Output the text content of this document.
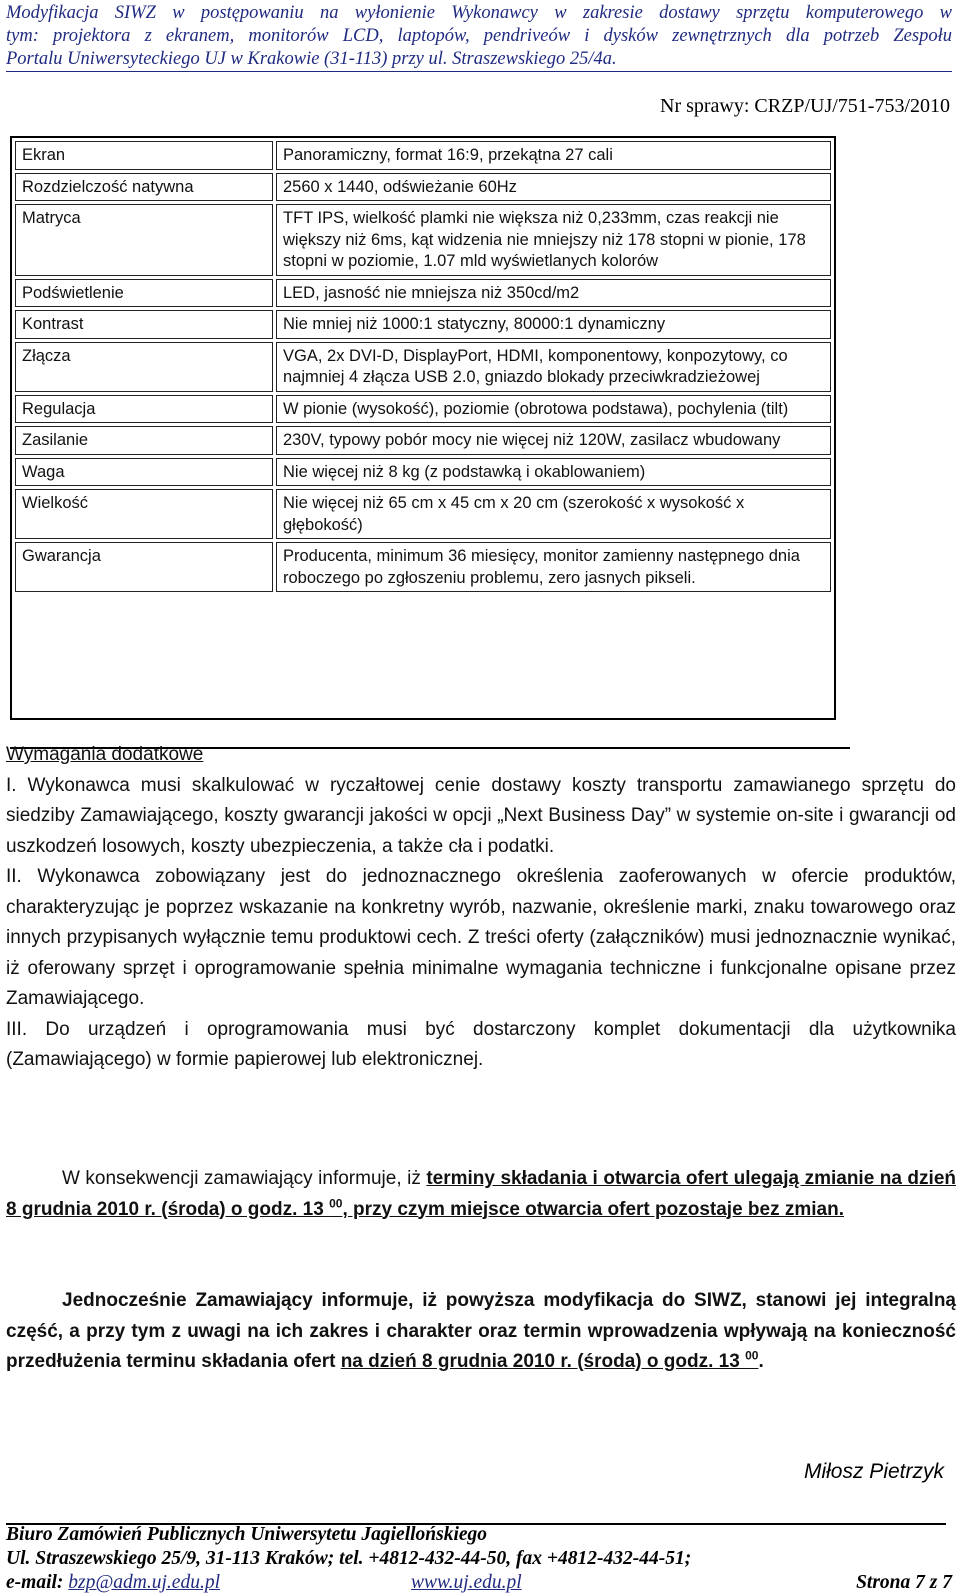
Modyfikacja SIWZ w postępowaniu na wyłonienie Wykonawcy w zakresie dostawy sprzętu komputerowego w
tym: projektora z ekranem, monitorów LCD, laptopów, pendriveów i dysków zewnętrznych dla potrzeb Zespołu
Portalu Uniwersyteckiego UJ w Krakowie (31-113) przy ul. Straszewskiego 25/4a.
Nr sprawy: CRZP/UJ/751-753/2010
Ekran	Panoramiczny, format 16:9, przekątna 27 cali
Rozdzielczość natywna	2560 x 1440, odświeżanie 60Hz
Matryca	TFT IPS, wielkość plamki nie większa niż 0,233mm, czas reakcji nie większy niż 6ms, kąt widzenia nie mniejszy niż 178 stopni w pionie, 178 stopni w poziomie, 1.07 mld wyświetlanych kolorów
Podświetlenie	LED, jasność nie mniejsza niż 350cd/m2
Kontrast	Nie mniej niż 1000:1 statyczny, 80000:1 dynamiczny
Złącza	VGA, 2x DVI-D, DisplayPort, HDMI, komponentowy, konpozytowy, co najmniej 4 złącza USB 2.0, gniazdo blokady przeciwkradzieżowej
Regulacja	W pionie (wysokość), poziomie (obrotowa podstawa), pochylenia (tilt)
Zasilanie	230V, typowy pobór mocy nie więcej niż 120W, zasilacz wbudowany
Waga	Nie więcej niż 8 kg (z podstawką i okablowaniem)
Wielkość	Nie więcej niż 65 cm x 45 cm x 20 cm (szerokość x wysokość x głębokość)
Gwarancja	Producenta, minimum 36 miesięcy, monitor zamienny następnego dnia roboczego po zgłoszeniu problemu, zero jasnych pikseli.
Wymagania dodatkowe
I. Wykonawca musi skalkulować w ryczałtowej cenie dostawy koszty transportu zamawianego sprzętu do siedziby Zamawiającego, koszty gwarancji jakości w opcji „Next Business Day” w systemie on-site i gwarancji od uszkodzeń losowych, koszty ubezpieczenia, a także cła i podatki.
II. Wykonawca zobowiązany jest do jednoznacznego określenia zaoferowanych w ofercie produktów, charakteryzując je poprzez wskazanie na konkretny wyrób, nazwanie, określenie marki, znaku towarowego oraz innych przypisanych wyłącznie temu produktowi cech. Z treści oferty (załączników) musi jednoznacznie wynikać, iż oferowany sprzęt i oprogramowanie spełnia minimalne wymagania techniczne i funkcjonalne opisane przez Zamawiającego.
III. Do urządzeń i oprogramowania musi być dostarczony komplet dokumentacji dla użytkownika (Zamawiającego) w formie papierowej lub elektronicznej.
W konsekwencji zamawiający informuje, iż terminy składania i otwarcia ofert ulegają zmianie na dzień 8 grudnia 2010 r. (środa) o godz. 13 $^{00}$, przy czym miejsce otwarcia ofert pozostaje bez zmian.
Jednocześnie Zamawiający informuje, iż powyższa modyfikacja do SIWZ, stanowi jej integralną część, a przy tym z uwagi na ich zakres i charakter oraz termin wprowadzenia wpływają na konieczność przedłużenia terminu składania ofert na dzień 8 grudnia 2010 r. (środa) o godz. 13 $^{00}$.
Miłosz Pietrzyk
Biuro Zamówień Publicznych Uniwersytetu Jagiellońskiego
Ul. Straszewskiego 25/9, 31-113 Kraków; tel. +4812-432-44-50, fax +4812-432-44-51;
e-mail: bzp@adm.uj.edu.pl	www.uj.edu.pl	Strona 7 z 7
